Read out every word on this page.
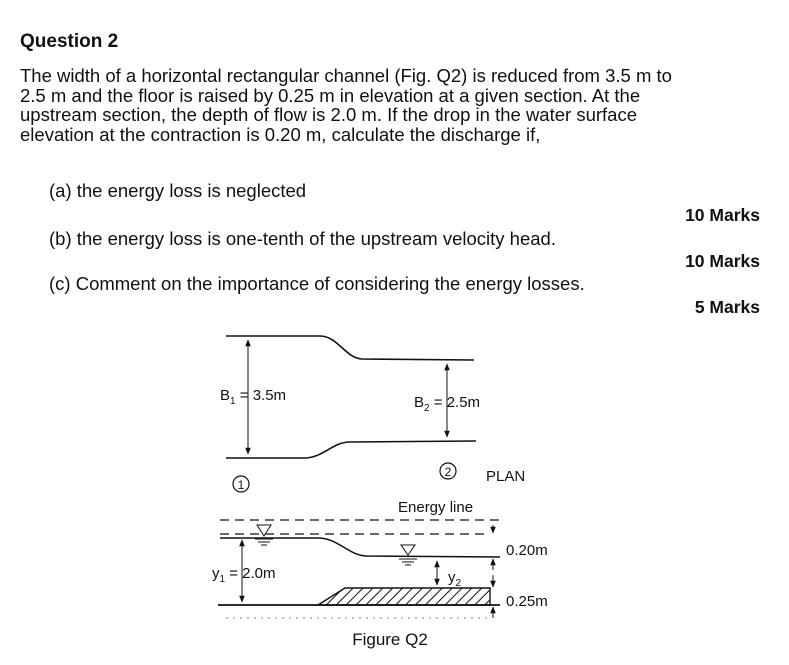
Question 2
The width of a horizontal rectangular channel (Fig. Q2) is reduced from 3.5 m to
2.5 m and the floor is raised by 0.25 m in elevation at a given section. At the
upstream section, the depth of flow is 2.0 m. If the drop in the water surface
elevation at the contraction is 0.20 m, calculate the discharge if,
(a) the energy loss is neglected
10 Marks
(b) the energy loss is one-tenth of the upstream velocity head.
10 Marks
(c) Comment on the importance of considering the energy losses.
5 Marks
$B_1 = 3.5m$	$B_2 = 2.5m$
1
2 PLAN
Energy line
$y_1 = 2.0m$	$y_2$
0.20m
0.25m
Figure Q2
